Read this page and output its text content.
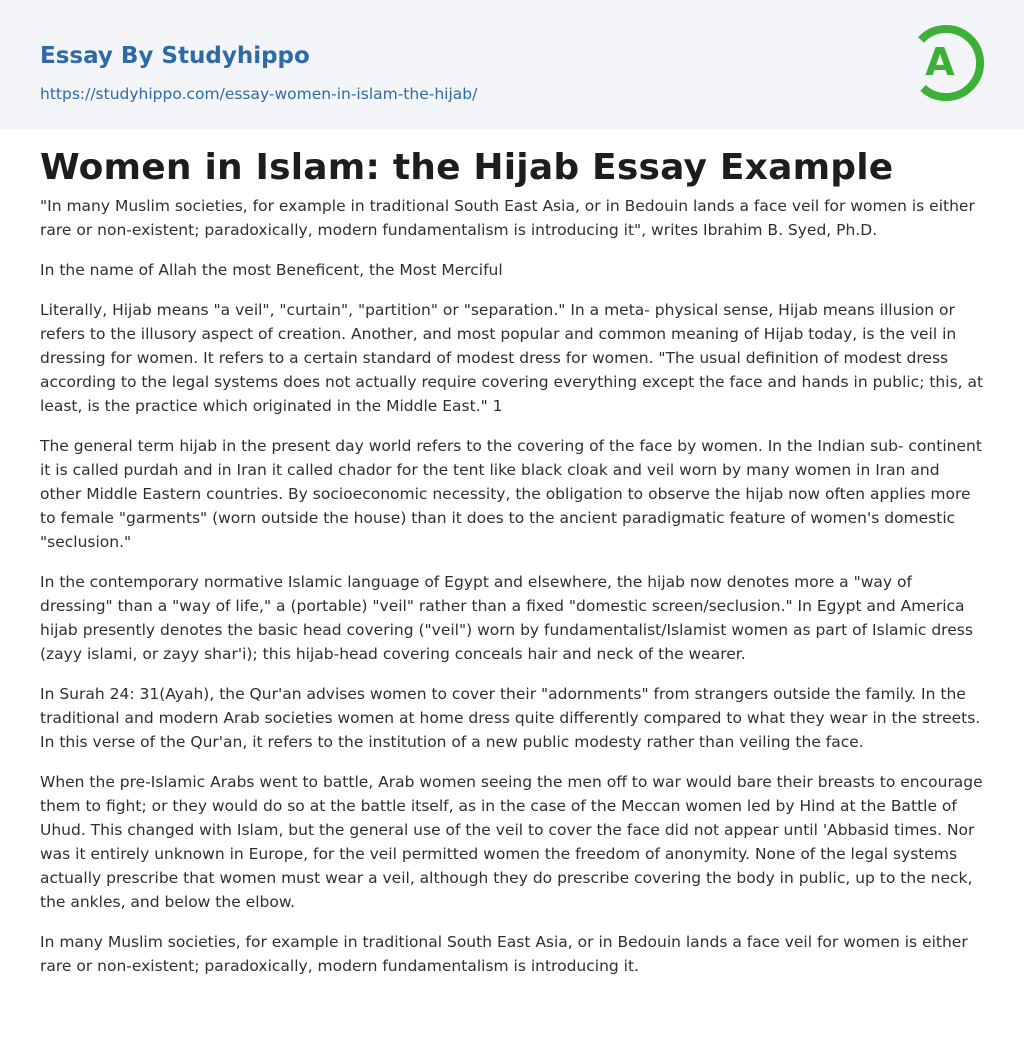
Essay By Studyhippo
https://studyhippo.com/essay-women-in-islam-the-hijab/
A
Women in Islam: the Hijab Essay Example

"In many Muslim societies, for example in traditional South East Asia, or in Bedouin lands a face veil for women is either rare or non-existent; paradoxically, modern fundamentalism is introducing it", writes Ibrahim B. Syed, Ph.D.

In the name of Allah the most Beneficent, the Most Merciful

Literally, Hijab means "a veil", "curtain", "partition" or "separation." In a meta- physical sense, Hijab means illusion or refers to the illusory aspect of creation. Another, and most popular and common meaning of Hijab today, is the veil in dressing for women. It refers to a certain standard of modest dress for women. "The usual definition of modest dress according to the legal systems does not actually require covering everything except the face and hands in public; this, at least, is the practice which originated in the Middle East." 1

The general term hijab in the present day world refers to the covering of the face by women. In the Indian sub- continent it is called purdah and in Iran it called chador for the tent like black cloak and veil worn by many women in Iran and other Middle Eastern countries. By socioeconomic necessity, the obligation to observe the hijab now often applies more to female "garments" (worn outside the house) than it does to the ancient paradigmatic feature of women's domestic "seclusion."

In the contemporary normative Islamic language of Egypt and elsewhere, the hijab now denotes more a "way of dressing" than a "way of life," a (portable) "veil" rather than a fixed "domestic screen/seclusion." In Egypt and America hijab presently denotes the basic head covering ("veil") worn by fundamentalist/Islamist women as part of Islamic dress (zayy islami, or zayy shar'i); this hijab-head covering conceals hair and neck of the wearer.

In Surah 24: 31(Ayah), the Qur'an advises women to cover their "adornments" from strangers outside the family. In the traditional and modern Arab societies women at home dress quite differently compared to what they wear in the streets. In this verse of the Qur'an, it refers to the institution of a new public modesty rather than veiling the face.

When the pre-Islamic Arabs went to battle, Arab women seeing the men off to war would bare their breasts to encourage them to fight; or they would do so at the battle itself, as in the case of the Meccan women led by Hind at the Battle of Uhud. This changed with Islam, but the general use of the veil to cover the face did not appear until 'Abbasid times. Nor was it entirely unknown in Europe, for the veil permitted women the freedom of anonymity. None of the legal systems actually prescribe that women must wear a veil, although they do prescribe covering the body in public, up to the neck, the ankles, and below the elbow.

In many Muslim societies, for example in traditional South East Asia, or in Bedouin lands a face veil for women is either rare or non-existent; paradoxically, modern fundamentalism is introducing it.
